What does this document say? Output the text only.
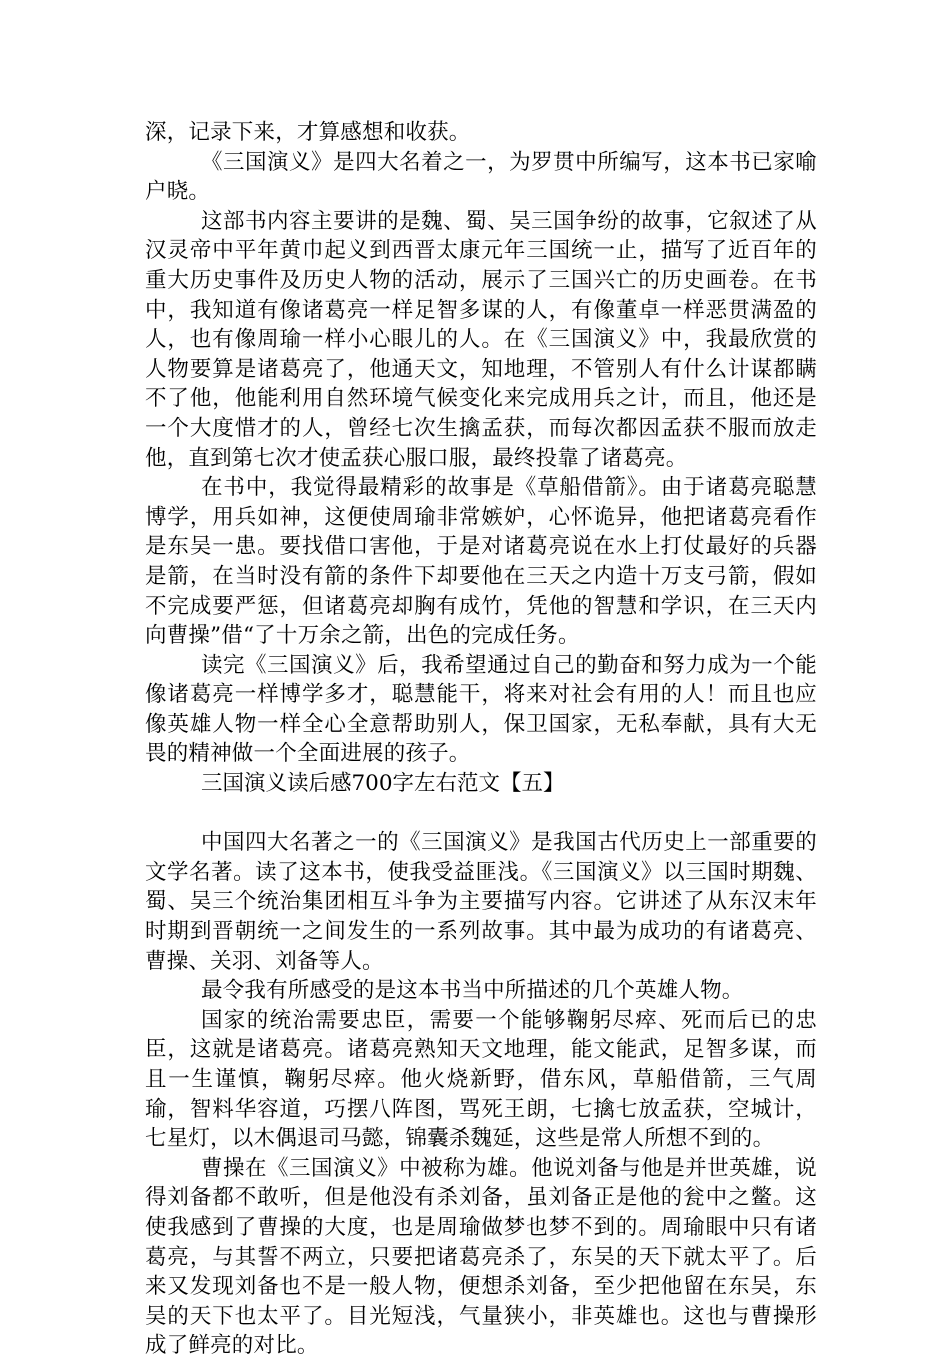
深，记录下来，才算感想和收获。

《三国演义》是四大名着之一，为罗贯中所编写，这本书已家喻户晓。

这部书内容主要讲的是魏、蜀、吴三国争纷的故事，它叙述了从汉灵帝中平年黄巾起义到西晋太康元年三国统一止，描写了近百年的重大历史事件及历史人物的活动，展示了三国兴亡的历史画卷。在书中，我知道有像诸葛亮一样足智多谋的人，有像董卓一样恶贯满盈的人，也有像周瑜一样小心眼儿的人。在《三国演义》中，我最欣赏的人物要算是诸葛亮了，他通天文，知地理，不管别人有什么计谋都瞒不了他，他能利用自然环境气候变化来完成用兵之计，而且，他还是一个大度惜才的人，曾经七次生擒孟获，而每次都因孟获不服而放走他，直到第七次才使孟获心服口服，最终投靠了诸葛亮。

在书中，我觉得最精彩的故事是《草船借箭》。由于诸葛亮聪慧博学，用兵如神，这便使周瑜非常嫉妒，心怀诡异，他把诸葛亮看作是东吴一患。要找借口害他，于是对诸葛亮说在水上打仗最好的兵器是箭，在当时没有箭的条件下却要他在三天之内造十万支弓箭，假如不完成要严惩，但诸葛亮却胸有成竹，凭他的智慧和学识，在三天内向曹操”借“了十万余之箭，出色的完成任务。

读完《三国演义》后，我希望通过自己的勤奋和努力成为一个能像诸葛亮一样博学多才，聪慧能干，将来对社会有用的人！而且也应像英雄人物一样全心全意帮助别人，保卫国家，无私奉献，具有大无畏的精神做一个全面进展的孩子。

三国演义读后感700字左右范文【五】

中国四大名著之一的《三国演义》是我国古代历史上一部重要的文学名著。读了这本书，使我受益匪浅。《三国演义》以三国时期魏、蜀、吴三个统治集团相互斗争为主要描写内容。它讲述了从东汉末年时期到晋朝统一之间发生的一系列故事。其中最为成功的有诸葛亮、曹操、关羽、刘备等人。

最令我有所感受的是这本书当中所描述的几个英雄人物。

国家的统治需要忠臣，需要一个能够鞠躬尽瘁、死而后已的忠臣，这就是诸葛亮。诸葛亮熟知天文地理，能文能武，足智多谋，而且一生谨慎，鞠躬尽瘁。他火烧新野，借东风，草船借箭，三气周瑜，智料华容道，巧摆八阵图，骂死王朗，七擒七放孟获，空城计，七星灯，以木偶退司马懿，锦囊杀魏延，这些是常人所想不到的。

曹操在《三国演义》中被称为雄。他说刘备与他是并世英雄，说得刘备都不敢听，但是他没有杀刘备，虽刘备正是他的瓮中之鳖。这使我感到了曹操的大度，也是周瑜做梦也梦不到的。周瑜眼中只有诸葛亮，与其誓不两立，只要把诸葛亮杀了，东吴的天下就太平了。后来又发现刘备也不是一般人物，便想杀刘备，至少把他留在东吴，东吴的天下也太平了。目光短浅，气量狭小，非英雄也。这也与曹操形成了鲜亮的对比。
